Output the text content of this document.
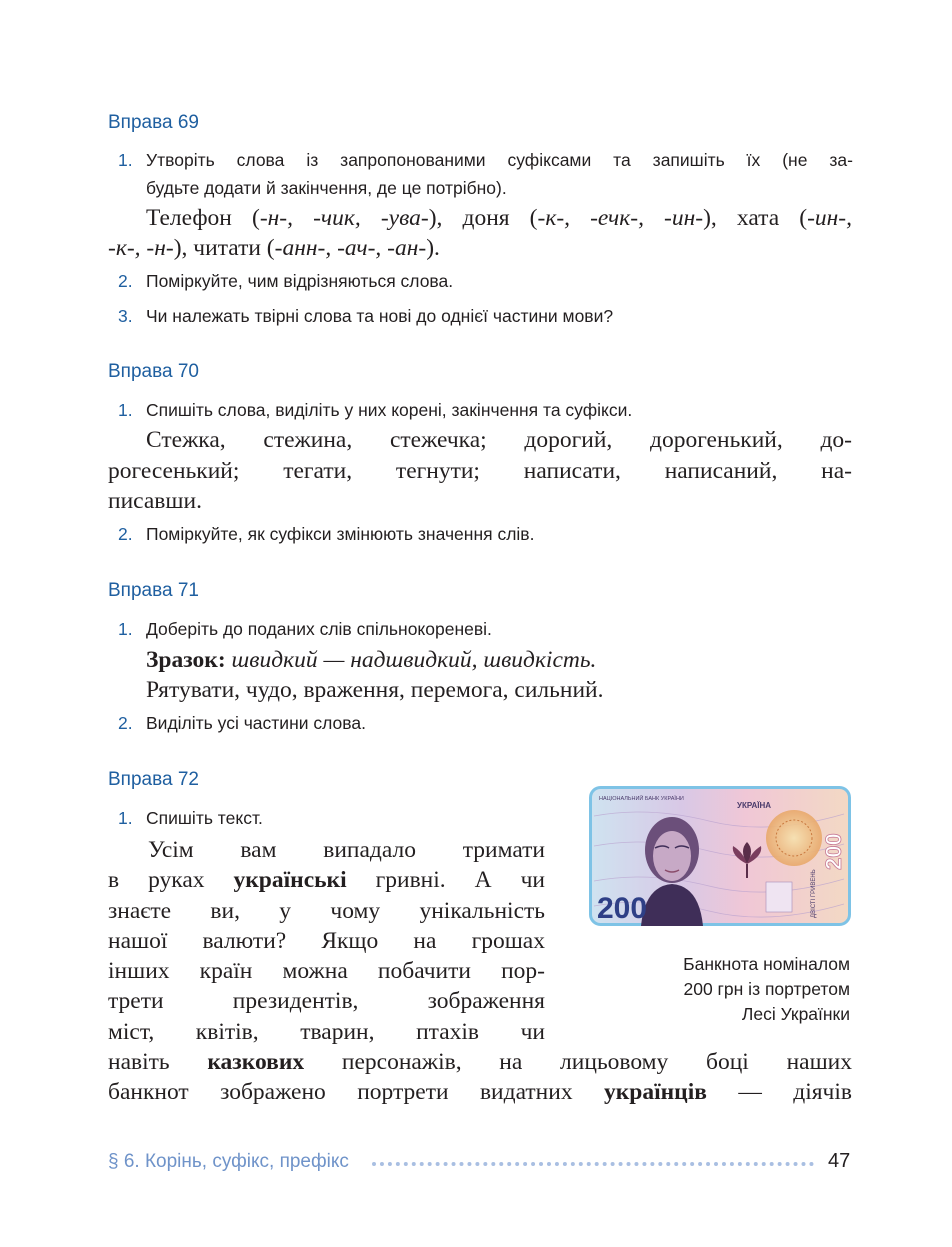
Вправа 69
1. Утворіть слова із запропонованими суфіксами та запишіть їх (не за-
будьте додати й закінчення, де це потрібно).
Телефон (-н-, -чик, -ува-), доня (-к-, -ечк-, -ин-), хата (-ин-,
-к-, -н-), читати (-анн-, -ач-, -ан-).
2. Поміркуйте, чим відрізняються слова.
3. Чи належать твірні слова та нові до однієї частини мови?
Вправа 70
1. Спишіть слова, виділіть у них корені, закінчення та суфікси.
Стежка, стежина, стежечка; дорогий, дорогенький, до-
рогесенький; тегати, тегнути; написати, написаний, на-
писавши.
2. Поміркуйте, як суфікси змінюють значення слів.
Вправа 71
1. Доберіть до поданих слів спільнокореневі.
Зразок: швидкий — надшвидкий, швидкість.
Рятувати, чудо, враження, перемога, сильний.
2. Виділіть усі частини слова.
Вправа 72
1. Спишіть текст.
Усім вам випадало тримати
в руках українські гривні. А чи
знаєте ви, у чому унікальність
нашої валюти? Якщо на грошах
інших країн можна побачити пор-
трети президентів, зображення
міст, квітів, тварин, птахів чи
навіть казкових персонажів, на лицьовому боці наших
банкнот зображено портрети видатних українців — діячів
НАЦІОНАЛЬНИЙ БАНК УКРАЇНИ
УКРАЇНА
200
200
ДВІСТІ ГРИВЕНЬ
Банкнота номіналом
200 грн із портретом
Лесі Українки
§ 6. Корінь, суфікс, префікс	47
